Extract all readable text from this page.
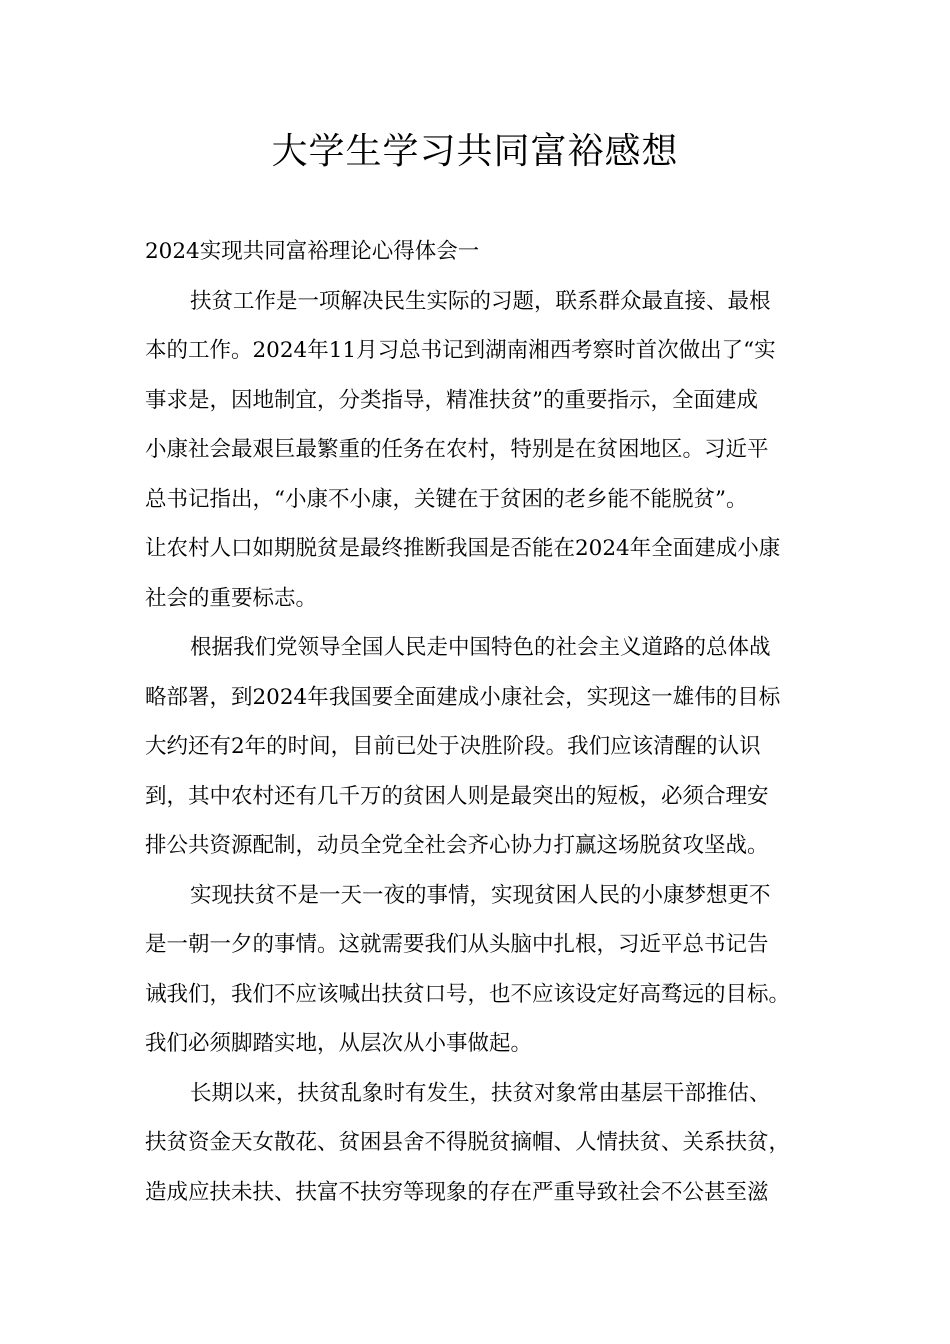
大学生学习共同富裕感想
2024实现共同富裕理论心得体会一
扶贫工作是一项解决民生实际的习题，联系群众最直接、最根
本的工作。2024年11月习总书记到湖南湘西考察时首次做出了“实
事求是，因地制宜，分类指导，精准扶贫”的重要指示，全面建成
小康社会最艰巨最繁重的任务在农村，特别是在贫困地区。习近平
总书记指出，“小康不小康，关键在于贫困的老乡能不能脱贫”。
让农村人口如期脱贫是最终推断我国是否能在2024年全面建成小康
社会的重要标志。
根据我们党领导全国人民走中国特色的社会主义道路的总体战
略部署，到2024年我国要全面建成小康社会，实现这一雄伟的目标
大约还有2年的时间，目前已处于决胜阶段。我们应该清醒的认识
到，其中农村还有几千万的贫困人则是最突出的短板，必须合理安
排公共资源配制，动员全党全社会齐心协力打赢这场脱贫攻坚战。
实现扶贫不是一天一夜的事情，实现贫困人民的小康梦想更不
是一朝一夕的事情。这就需要我们从头脑中扎根，习近平总书记告
诫我们，我们不应该喊出扶贫口号，也不应该设定好高骛远的目标。
我们必须脚踏实地，从层次从小事做起。
长期以来，扶贫乱象时有发生，扶贫对象常由基层干部推估、
扶贫资金天女散花、贫困县舍不得脱贫摘帽、人情扶贫、关系扶贫，
造成应扶未扶、扶富不扶穷等现象的存在严重导致社会不公甚至滋
